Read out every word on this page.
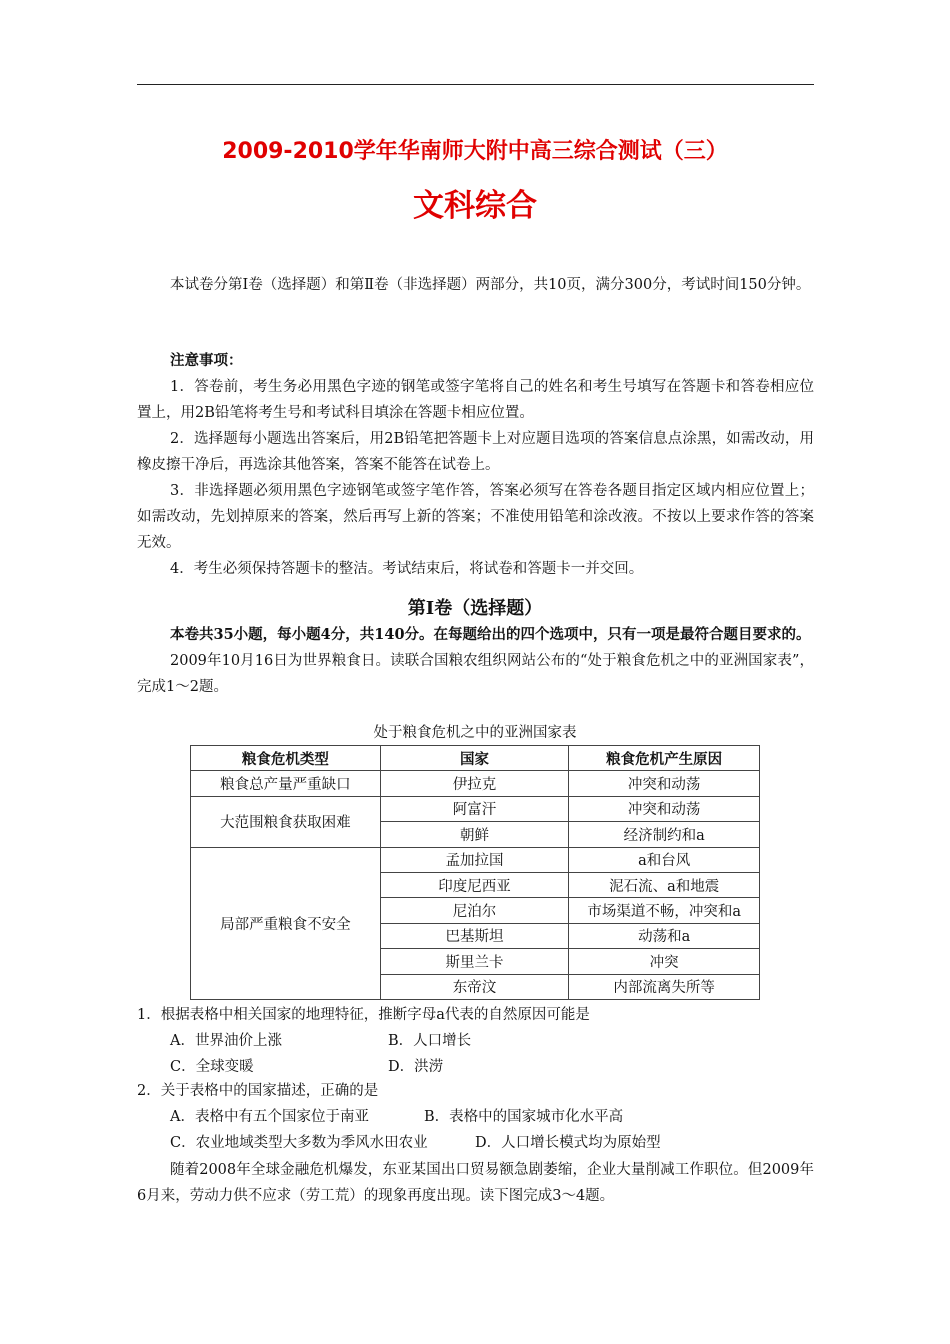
2009-2010学年华南师大附中高三综合测试（三）
文科综合

本试卷分第Ⅰ卷（选择题）和第Ⅱ卷（非选择题）两部分，共10页，满分300分，考试时间150分钟。

注意事项：

1．答卷前，考生务必用黑色字迹的钢笔或签字笔将自己的姓名和考生号填写在答题卡和答卷相应位置上，用2B铅笔将考生号和考试科目填涂在答题卡相应位置。

2．选择题每小题选出答案后，用2B铅笔把答题卡上对应题目选项的答案信息点涂黑，如需改动，用橡皮擦干净后，再选涂其他答案，答案不能答在试卷上。

3．非选择题必须用黑色字迹钢笔或签字笔作答，答案必须写在答卷各题目指定区域内相应位置上；如需改动，先划掉原来的答案，然后再写上新的答案；不准使用铅笔和涂改液。不按以上要求作答的答案无效。

4．考生必须保持答题卡的整洁。考试结束后，将试卷和答题卡一并交回。

第Ⅰ卷（选择题）

本卷共35小题，每小题4分，共140分。在每题给出的四个选项中，只有一项是最符合题目要求的。

2009年10月16日为世界粮食日。读联合国粮农组织网站公布的“处于粮食危机之中的亚洲国家表”，完成1～2题。

处于粮食危机之中的亚洲国家表
粮食危机类型	国家	粮食危机产生原因
粮食总产量严重缺口	伊拉克	冲突和动荡
大范围粮食获取困难	阿富汗	冲突和动荡
	朝鲜	经济制约和a
局部严重粮食不安全	孟加拉国	a和台风
	印度尼西亚	泥石流、a和地震
	尼泊尔	市场渠道不畅，冲突和a
	巴基斯坦	动荡和a
	斯里兰卡	冲突
	东帝汶	内部流离失所等
1．根据表格中相关国家的地理特征，推断字母a代表的自然原因可能是
A．世界油价上涨	B．人口增长
C．全球变暖	D．洪涝
2．关于表格中的国家描述，正确的是
A．表格中有五个国家位于南亚	B．表格中的国家城市化水平高
C．农业地域类型大多数为季风水田农业	D．人口增长模式均为原始型

随着2008年全球金融危机爆发，东亚某国出口贸易额急剧萎缩，企业大量削减工作职位。但2009年6月来，劳动力供不应求（劳工荒）的现象再度出现。读下图完成3～4题。
